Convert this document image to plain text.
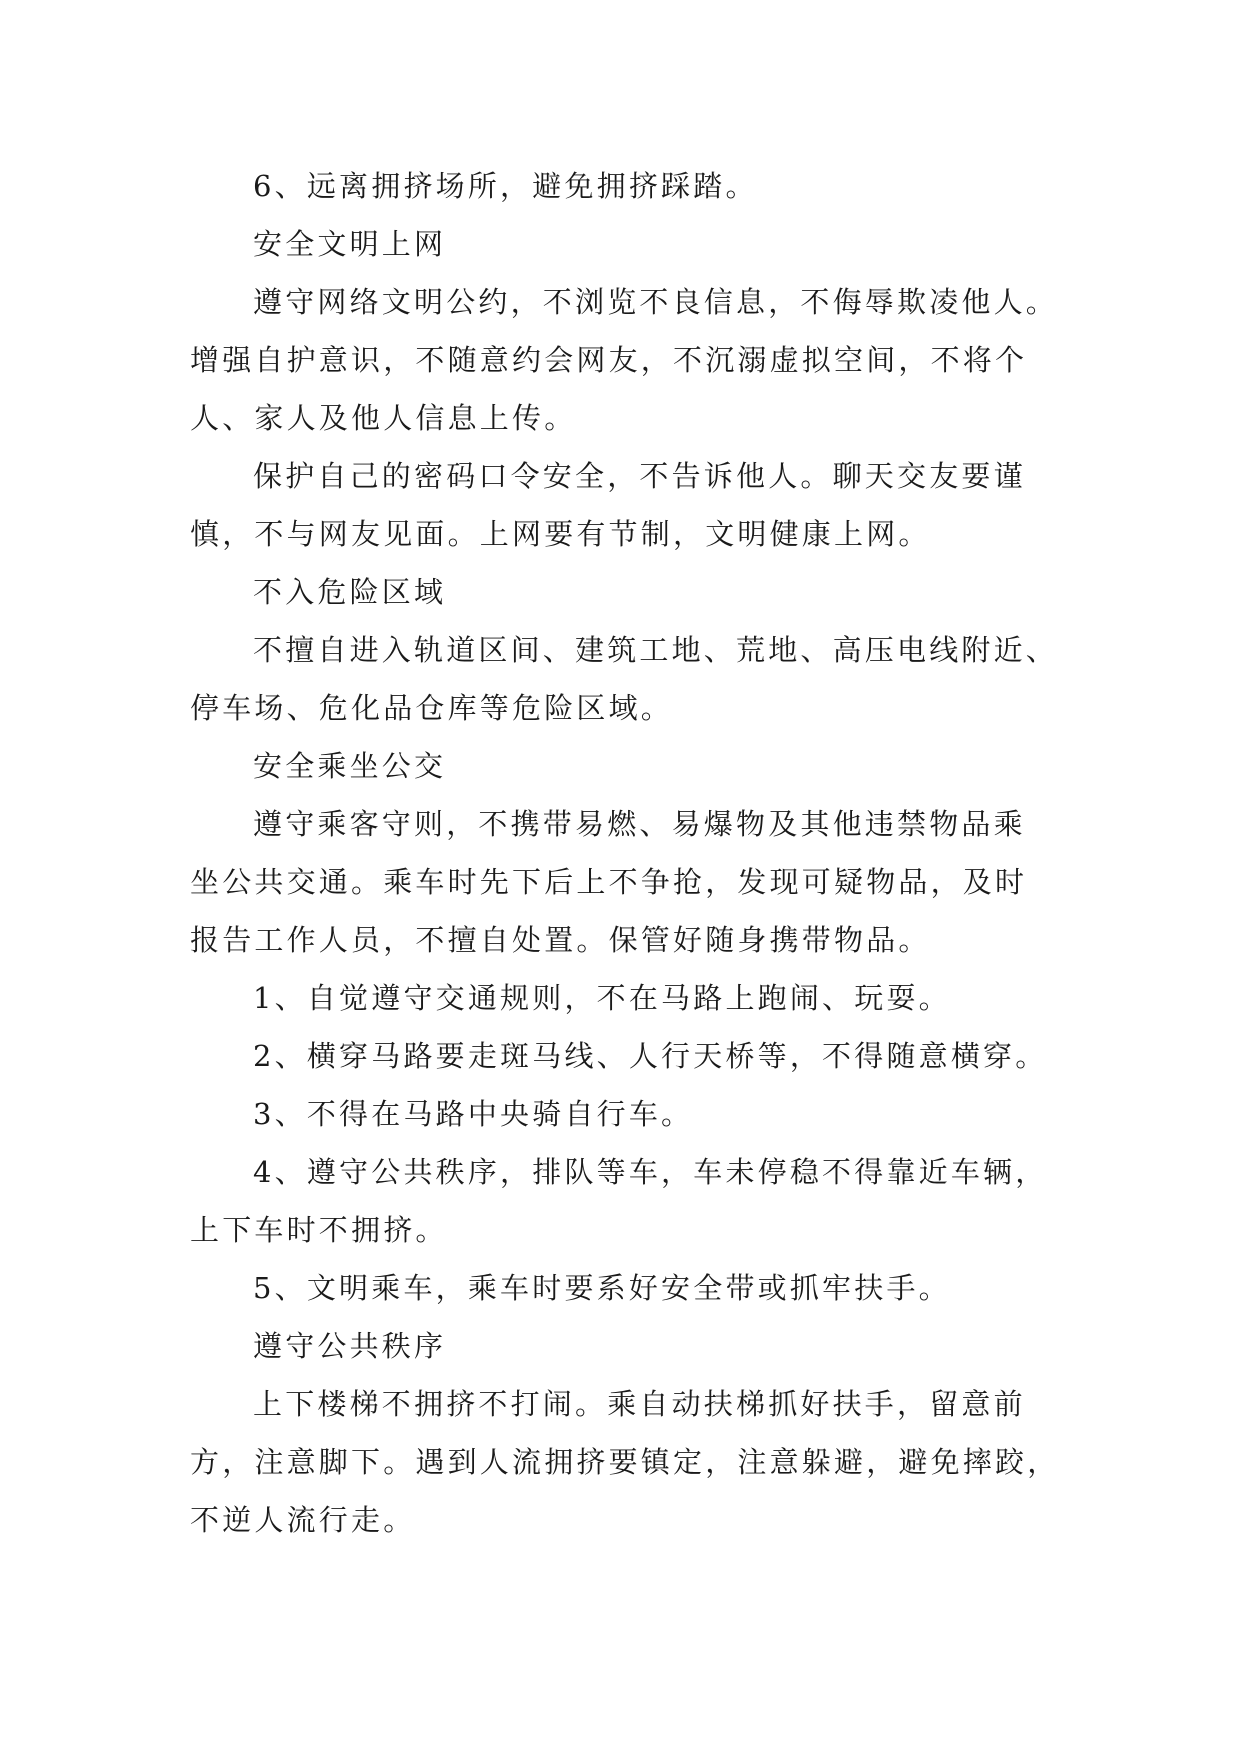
6、远离拥挤场所，避免拥挤踩踏。
安全文明上网
遵守网络文明公约，不浏览不良信息，不侮辱欺凌他人。
增强自护意识，不随意约会网友，不沉溺虚拟空间，不将个
人、家人及他人信息上传。
保护自己的密码口令安全，不告诉他人。聊天交友要谨
慎，不与网友见面。上网要有节制，文明健康上网。
不入危险区域
不擅自进入轨道区间、建筑工地、荒地、高压电线附近、
停车场、危化品仓库等危险区域。
安全乘坐公交
遵守乘客守则，不携带易燃、易爆物及其他违禁物品乘
坐公共交通。乘车时先下后上不争抢，发现可疑物品，及时
报告工作人员，不擅自处置。保管好随身携带物品。
1、自觉遵守交通规则，不在马路上跑闹、玩耍。
2、横穿马路要走斑马线、人行天桥等，不得随意横穿。
3、不得在马路中央骑自行车。
4、遵守公共秩序，排队等车，车未停稳不得靠近车辆，
上下车时不拥挤。
5、文明乘车，乘车时要系好安全带或抓牢扶手。
遵守公共秩序
上下楼梯不拥挤不打闹。乘自动扶梯抓好扶手，留意前
方，注意脚下。遇到人流拥挤要镇定，注意躲避，避免摔跤，
不逆人流行走。
